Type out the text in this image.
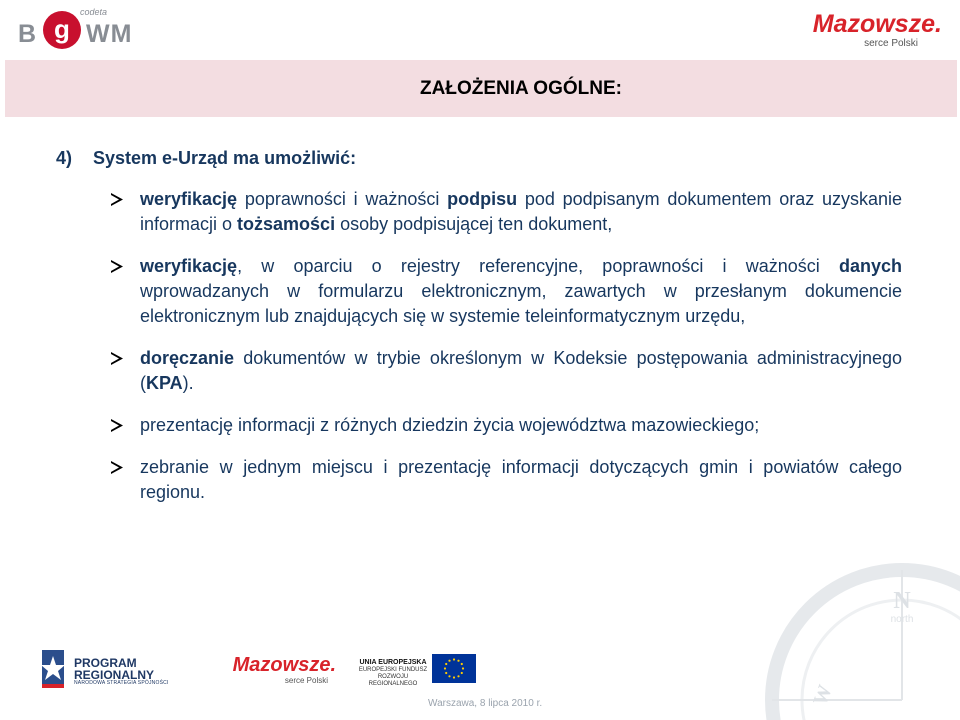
B g WM
codeta	Mazowsze.
serce Polski
ZAŁOŻENIA OGÓLNE:
4) System e-Urząd ma umożliwić:
weryfikację poprawności i ważności podpisu pod podpisanym dokumentem oraz uzyskanie informacji o tożsamości osoby podpisującej ten dokument,
weryfikację, w oparciu o rejestry referencyjne, poprawności i ważności danych wprowadzanych w formularzu elektronicznym, zawartych w przesłanym dokumencie elektronicznym lub znajdujących się w systemie teleinformatycznym urzędu,
doręczanie dokumentów w trybie określonym w Kodeksie postępowania administracyjnego (KPA).
prezentację informacji z różnych dziedzin życia województwa mazowieckiego;
zebranie w jednym miejscu i prezentację informacji dotyczących gmin i powiatów całego regionu.
N
north
W
PROGRAM
REGIONALNY
NARODOWA STRATEGIA SPÓJNOŚCI
Mazowsze.
serce Polski
UNIA EUROPEJSKA
EUROPEJSKI FUNDUSZ
ROZWOJU REGIONALNEGO
Warszawa, 8 lipca 2010 r.
